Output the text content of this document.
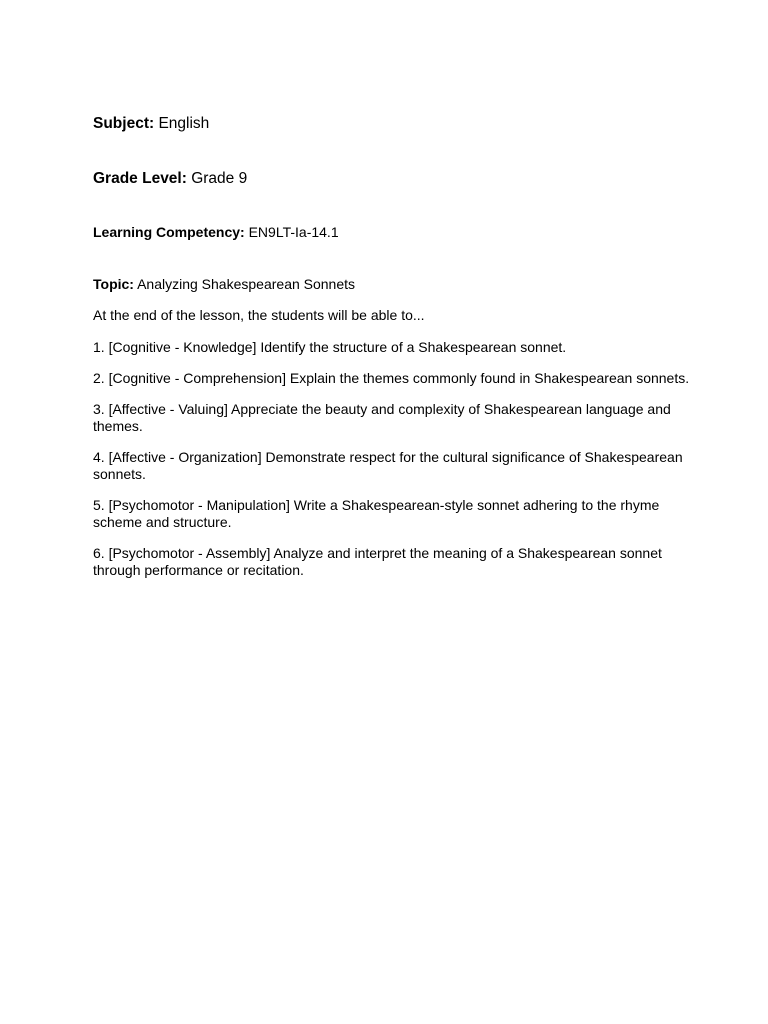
Subject: English
Grade Level: Grade 9
Learning Competency: EN9LT-Ia-14.1
Topic: Analyzing Shakespearean Sonnets
At the end of the lesson, the students will be able to...
1. [Cognitive - Knowledge] Identify the structure of a Shakespearean sonnet.
2. [Cognitive - Comprehension] Explain the themes commonly found in Shakespearean sonnets.
3. [Affective - Valuing] Appreciate the beauty and complexity of Shakespearean language and themes.
4. [Affective - Organization] Demonstrate respect for the cultural significance of Shakespearean sonnets.
5. [Psychomotor - Manipulation] Write a Shakespearean-style sonnet adhering to the rhyme scheme and structure.
6. [Psychomotor - Assembly] Analyze and interpret the meaning of a Shakespearean sonnet through performance or recitation.
